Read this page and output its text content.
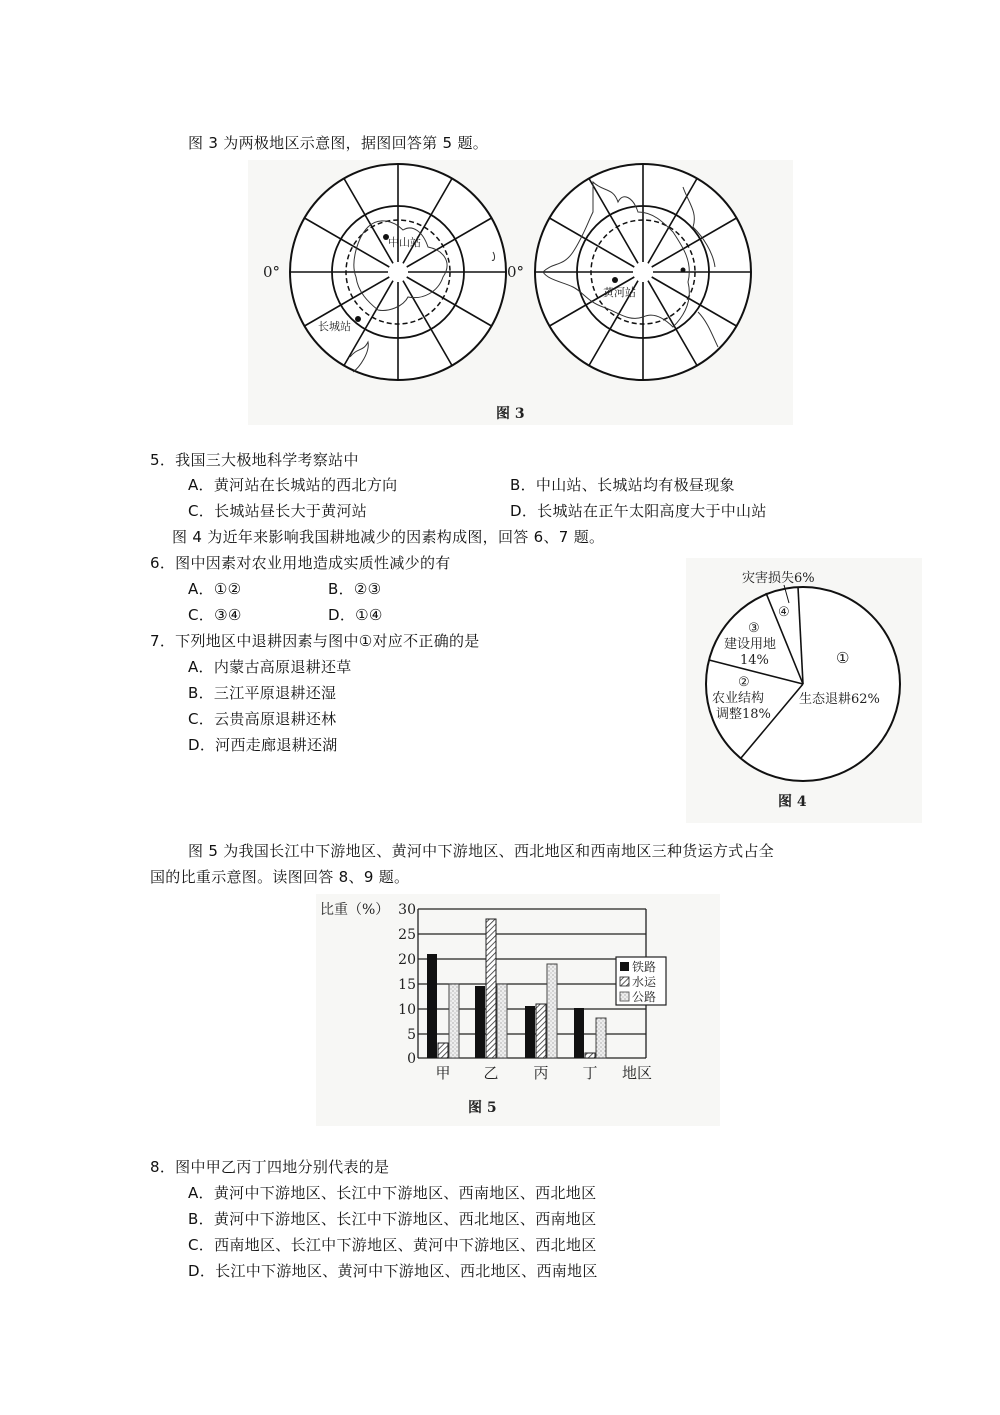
图 3 为两极地区示意图，据图回答第 5 题。
中山站
长城站
0°
黄河站
0°
图 3
5．我国三大极地科学考察站中
A．黄河站在长城站的西北方向	B．中山站、长城站均有极昼现象
C．长城站昼长大于黄河站	D．长城站在正午太阳高度大于中山站
图 4 为近年来影响我国耕地减少的因素构成图，回答 6、7 题。
6．图中因素对农业用地造成实质性减少的有
A．①②	B．②③
C．③④	D．①④
7．下列地区中退耕因素与图中①对应不正确的是
A．内蒙古高原退耕还草
B．三江平原退耕还湿
C．云贵高原退耕还林
D．河西走廊退耕还湖
①
生态退耕62%
②
农业结构
调整18%
③
建设用地
14%
④
灾害损失6%
图 4
图 5 为我国长江中下游地区、黄河中下游地区、西北地区和西南地区三种货运方式占全
国的比重示意图。读图回答 8、9 题。
30
25
20
15
10
5
0
比重（%）
甲 乙 丙 丁 地区
铁路
水运
公路
图 5
8．图中甲乙丙丁四地分别代表的是
A．黄河中下游地区、长江中下游地区、西南地区、西北地区
B．黄河中下游地区、长江中下游地区、西北地区、西南地区
C．西南地区、长江中下游地区、黄河中下游地区、西北地区
D．长江中下游地区、黄河中下游地区、西北地区、西南地区
